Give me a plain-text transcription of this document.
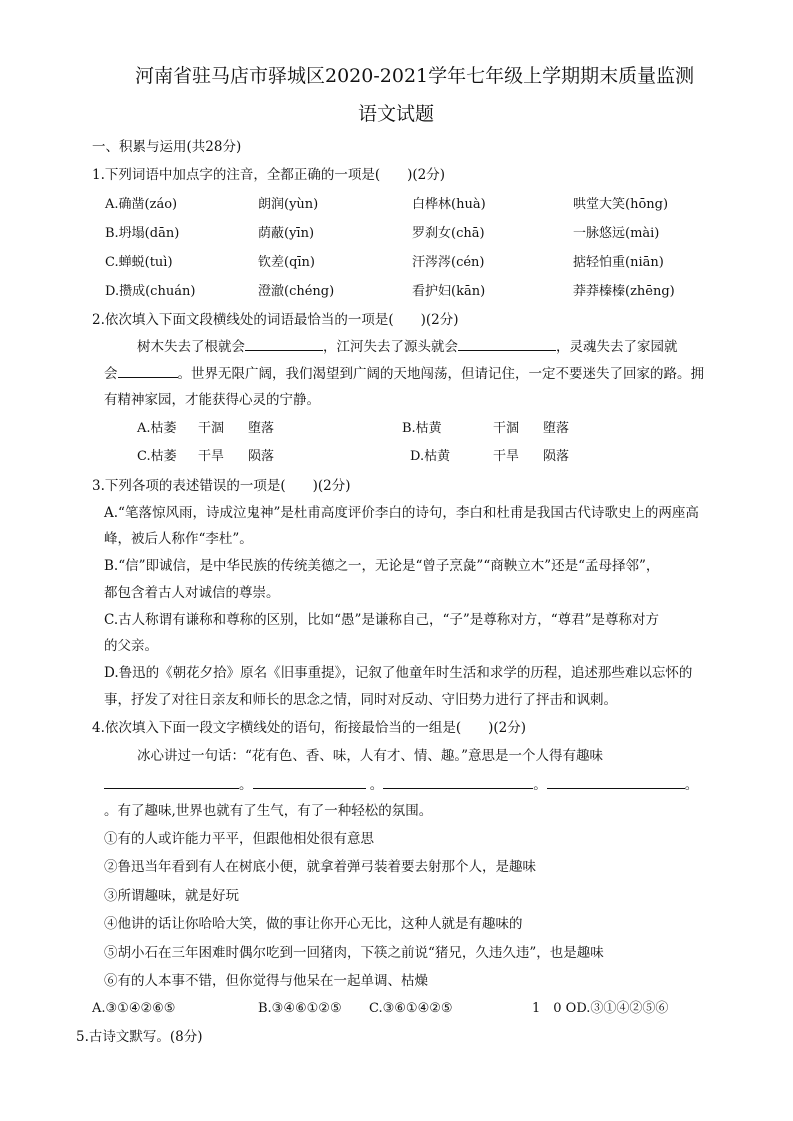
河南省驻马店市驿城区2020-2021学年七年级上学期期末质量监测
语文试题
一、积累与运用(共28分)
1.下列词语中加点字的注音，全都正确的一项是(　　)(2分)
A.确凿(záo)	朗润(yùn)	白桦林(huà)	哄堂大笑(hōng)
B.坍塌(dān)	荫蔽(yīn)	罗刹女(chā)	一脉悠远(mài)
C.蝉蜕(tuì)	钦差(qīn)	汗涔涔(cén)	掂轻怕重(niān)
D.攒成(chuán)	澄澈(chéng)	看护妇(kān)	莽莽榛榛(zhēng)
2.依次填入下面文段横线处的词语最恰当的一项是(　　)(2分)
树木失去了根就会	，江河失去了源头就会	，灵魂失去了家园就
会	。世界无限广阔，我们渴望到广阔的天地闯荡，但请记住，一定不要迷失了回家的路。拥
有精神家园，才能获得心灵的宁静。
A.枯萎 干涸 堕落	B.枯黄	干涸 堕落
C.枯萎 干旱 陨落	D.枯黄	干旱 陨落
3.下列各项的表述错误的一项是(　　)(2分)
A.“笔落惊风雨，诗成泣鬼神”是杜甫高度评价李白的诗句，李白和杜甫是我国古代诗歌史上的两座高
峰，被后人称作“李杜”。
B.“信”即诚信，是中华民族的传统美德之一，无论是“曾子烹彘”“商鞅立木”还是“孟母择邻”，
都包含着古人对诚信的尊崇。
C.古人称谓有谦称和尊称的区别，比如“愚”是谦称自己，“子”是尊称对方，“尊君”是尊称对方
的父亲。
D.鲁迅的《朝花夕拾》原名《旧事重提》，记叙了他童年时生活和求学的历程，追述那些难以忘怀的
事，抒发了对往日亲友和师长的思念之情，同时对反动、守旧势力进行了抨击和讽刺。
4.依次填入下面一段文字横线处的语句，衔接最恰当的一组是(　　)(2分)
冰心讲过一句话：“花有色、香、味，人有才、情、趣。”意思是一个人得有趣味
。	。	。	。
。有了趣味,世界也就有了生气，有了一种轻松的氛围。
①有的人或许能力平平，但跟他相处很有意思
②鲁迅当年看到有人在树底小便，就拿着弹弓装着要去射那个人，是趣味
③所谓趣味，就是好玩
④他讲的话让你哈哈大笑，做的事让你开心无比，这种人就是有趣味的
⑤胡小石在三年困难时偶尔吃到一回猪肉，下筷之前说“猪兄，久违久违”，也是趣味
⑥有的人本事不错，但你觉得与他呆在一起单调、枯燥
A.③①④②⑥⑤	B.③④⑥①②⑤ C.③⑥①④②⑤	1　0 OD.③①④②⑤⑥
5.古诗文默写。(8分)
